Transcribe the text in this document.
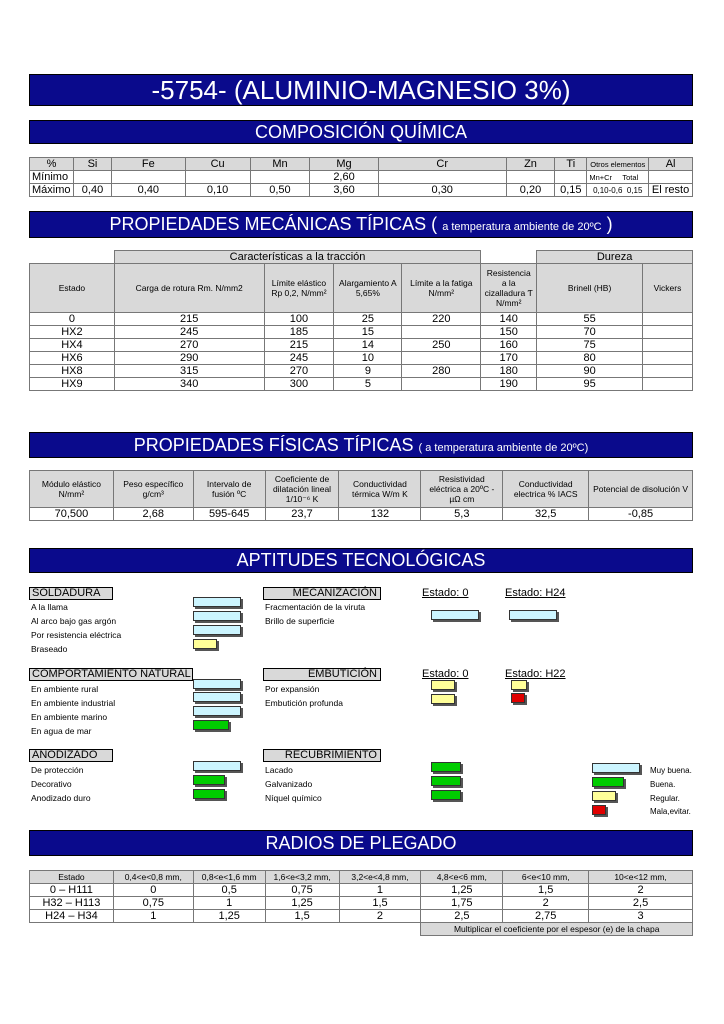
-5754- (ALUMINIO-MAGNESIO 3%)
COMPOSICIÓN QUÍMICA
%	Si	Fe	Cu	Mn	Mg	Cr	Zn	Ti	Otros elementos	Al
Mínimo					2,60				Mn+Cr     Total	
Máximo	0,40	0,40	0,10	0,50	3,60	0,30	0,20	0,15	0,10-0,6  0,15	El resto
PROPIEDADES MECÁNICAS TÍPICAS ( a temperatura ambiente de 20ºC )
	Características a la tracción					Dureza	
Estado	Carga de rotura Rm. N/mm2	Límite elástico Rp 0,2, N/mm²	Alargamiento A 5,65%	Límite a la fatiga N/mm²	Resistencia a la cizalladura Ƭ N/mm²	Brinell (HB)	Vickers
0	215	100	25	220	140	55	
HX2	245	185	15		150	70	
HX4	270	215	14	250	160	75	
HX6	290	245	10		170	80	
HX8	315	270	9	280	180	90	
HX9	340	300	5		190	95	
PROPIEDADES FÍSICAS TÍPICAS ( a temperatura ambiente de 20ºC)
Módulo elástico N/mm²	Peso específico g/cm³	Intervalo de fusión ºC	Coeficiente de dilatación lineal 1/10⁻⁶ K	Conductividad térmica W/m K	Resistividad eléctrica a 20ºC - µΩ cm	Conductividad electrica % IACS	Potencial de disolución V
70,500	2,68	595-645	23,7	132	5,3	32,5	-0,85
APTITUDES TECNOLÓGICAS
SOLDADURA
A la llama
Al arco bajo gas argón
Por resistencia eléctrica
Braseado
MECANIZACIÓN
Fracmentación de la viruta
Brillo de superficie
Estado: 0	Estado: H24
COMPORTAMIENTO NATURAL
En ambiente rural
En ambiente industrial
En ambiente marino
En agua de mar
EMBUTICIÓN
Por expansión
Embutición profunda
Estado: 0	Estado: H22
ANODIZADO
De protección
Decorativo
Anodizado duro
RECUBRIMIENTO
Lacado
Galvanizado
Níquel químico
Muy buena.
Buena.
Regular.
Mala,evitar.
RADIOS DE PLEGADO
Estado	0,4<e<0,8 mm,	0,8<e<1,6 mm	1,6<e<3,2 mm,	3,2<e<4,8 mm,	4,8<e<6 mm,	6<e<10 mm,	10<e<12 mm,
0 – H111	0	0,5	0,75	1	1,25	1,5	2
H32 – H113	0,75	1	1,25	1,5	1,75	2	2,5
H24 – H34	1	1,25	1,5	2	2,5	2,75	3
					Multiplicar el coeficiente por el espesor (e) de la chapa		
